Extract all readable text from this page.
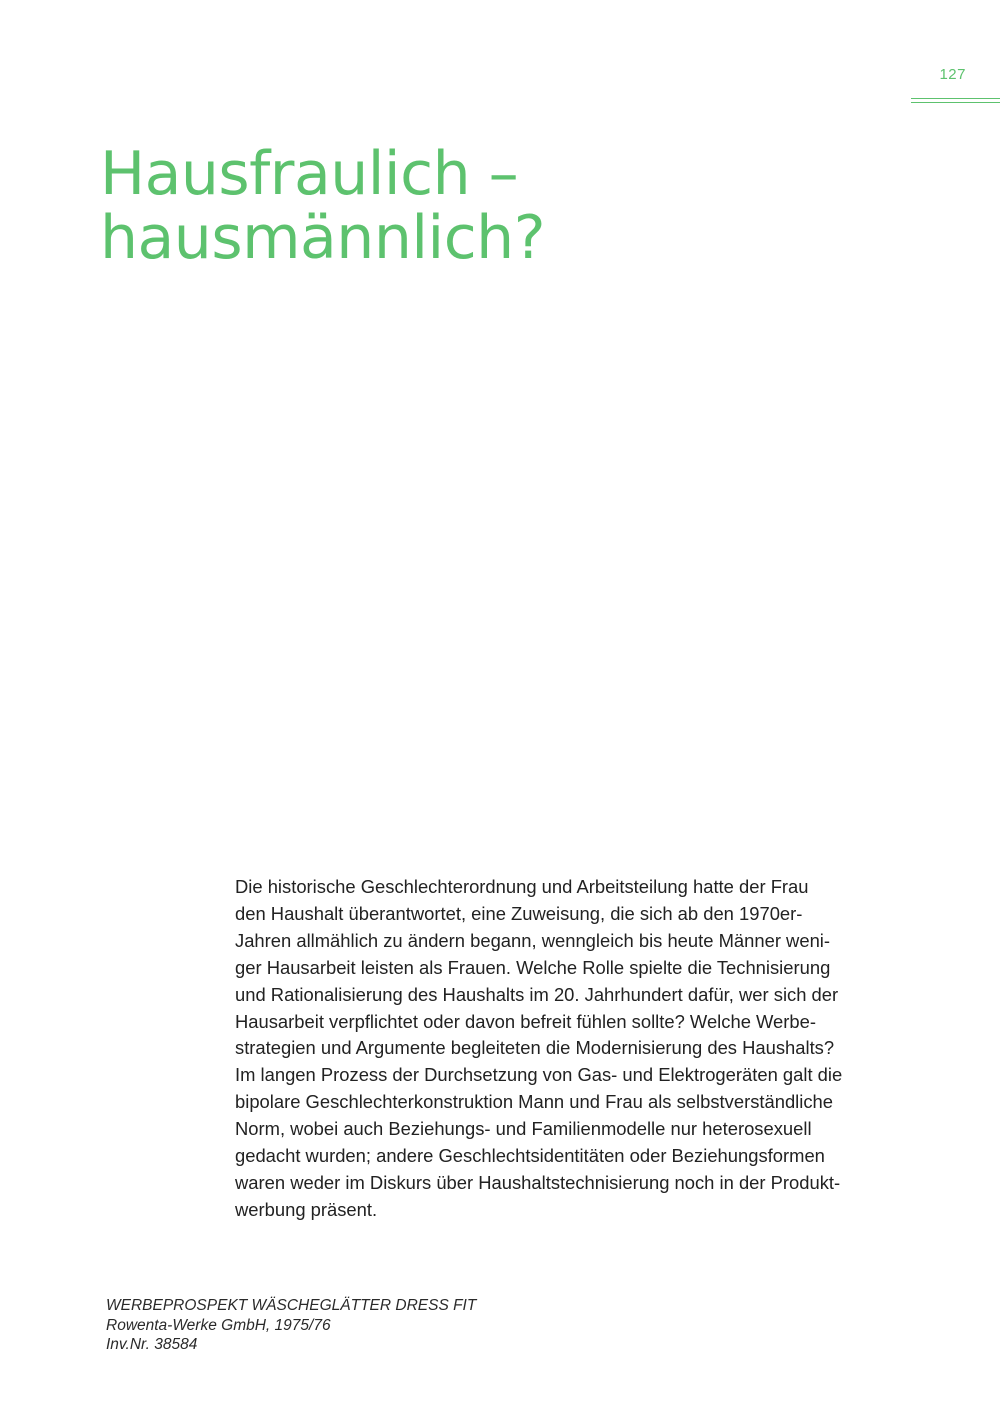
127
Hausfraulich –
hausmännlich?

Die historische Geschlechterordnung und Arbeitsteilung hatte der Frau
den Haushalt überantwortet, eine Zuweisung, die sich ab den 1970er-
Jahren allmählich zu ändern begann, wenngleich bis heute Männer weni-
ger Hausarbeit leisten als Frauen. Welche Rolle spielte die Technisierung
und Rationalisierung des Haushalts im 20. Jahrhundert dafür, wer sich der
Hausarbeit verpflichtet oder davon befreit fühlen sollte? Welche Werbe-
strategien und Argumente begleiteten die Modernisierung des Haushalts?
Im langen Prozess der Durchsetzung von Gas- und Elektrogeräten galt die
bipolare Geschlechterkonstruktion Mann und Frau als selbstverständliche
Norm, wobei auch Beziehungs- und Familienmodelle nur heterosexuell
gedacht wurden; andere Geschlechtsidentitäten oder Beziehungsformen
waren weder im Diskurs über Haushaltstechnisierung noch in der Produkt-
werbung präsent.

WERBEPROSPEKT WÄSCHEGLÄTTER DRESS FIT
Rowenta-Werke GmbH, 1975/76
Inv.Nr. 38584
